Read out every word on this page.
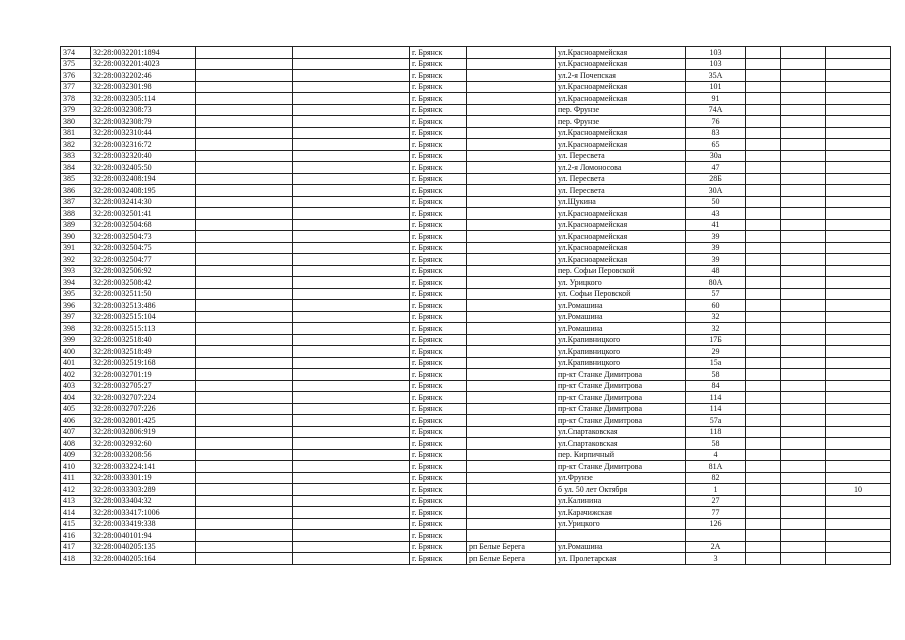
374	32:28:0032201:1894			г. Брянск		ул.Красноармейская	103			
375	32:28:0032201:4023			г. Брянск		ул.Красноармейская	103			
376	32:28:0032202:46			г. Брянск		ул.2-я Почепская	35А			
377	32:28:0032301:98			г. Брянск		ул.Красноармейская	101			
378	32:28:0032305:114			г. Брянск		ул.Красноармейская	91			
379	32:28:0032308:73			г. Брянск		пер. Фрунзе	74А			
380	32:28:0032308:79			г. Брянск		пер. Фрунзе	76			
381	32:28:0032310:44			г. Брянск		ул.Красноармейская	83			
382	32:28:0032316:72			г. Брянск		ул.Красноармейская	65			
383	32:28:0032320:40			г. Брянск		ул. Пересвета	30а			
384	32:28:0032405:50			г. Брянск		ул.2-я Ломоносова	47			
385	32:28:0032408:194			г. Брянск		ул. Пересвета	28Б			
386	32:28:0032408:195			г. Брянск		ул. Пересвета	30А			
387	32:28:0032414:30			г. Брянск		ул.Щукина	50			
388	32:28:0032501:41			г. Брянск		ул.Красноармейская	43			
389	32:28:0032504:68			г. Брянск		ул.Красноармейская	41			
390	32:28:0032504:73			г. Брянск		ул.Красноармейская	39			
391	32:28:0032504:75			г. Брянск		ул.Красноармейская	39			
392	32:28:0032504:77			г. Брянск		ул.Красноармейская	39			
393	32:28:0032506:92			г. Брянск		пер. Софьи Перовской	48			
394	32:28:0032508:42			г. Брянск		ул. Урицкого	80А			
395	32:28:0032511:50			г. Брянск		ул. Софьи Перовской	57			
396	32:28:0032513:486			г. Брянск		ул.Ромашина	60			
397	32:28:0032515:104			г. Брянск		ул.Ромашина	32			
398	32:28:0032515:113			г. Брянск		ул.Ромашина	32			
399	32:28:0032518:40			г. Брянск		ул.Крапивницкого	17Б			
400	32:28:0032518:49			г. Брянск		ул.Крапивницкого	29			
401	32:28:0032519:168			г. Брянск		ул.Крапивницкого	15а			
402	32:28:0032701:19			г. Брянск		пр-кт Станке Димитрова	58			
403	32:28:0032705:27			г. Брянск		пр-кт Станке Димитрова	84			
404	32:28:0032707:224			г. Брянск		пр-кт Станке Димитрова	114			
405	32:28:0032707:226			г. Брянск		пр-кт Станке Димитрова	114			
406	32:28:0032801:425			г. Брянск		пр-кт Станке Димитрова	57а			
407	32:28:0032806:919			г. Брянск		ул.Спартаковская	118			
408	32:28:0032932:60			г. Брянск		ул.Спартаковская	58			
409	32:28:0033208:56			г. Брянск		пер. Кирпичный	4			
410	32:28:0033224:141			г. Брянск		пр-кт Станке Димитрова	81А			
411	32:28:0033301:19			г. Брянск		ул.Фрунзе	82			
412	32:28:0033303:289			г. Брянск		б ул. 50 лет Октября	1			10
413	32:28:0033404:32			г. Брянск		ул.Калинина	27			
414	32:28:0033417:1006			г. Брянск		ул.Карачижская	77			
415	32:28:0033419:338			г. Брянск		ул.Урицкого	126			
416	32:28:0040101:94			г. Брянск						
417	32:28:0040205:135			г. Брянск	рп Белые Берега	ул.Ромашина	2А			
418	32:28:0040205:164			г. Брянск	рп Белые Берега	ул. Пролетарская	3			
